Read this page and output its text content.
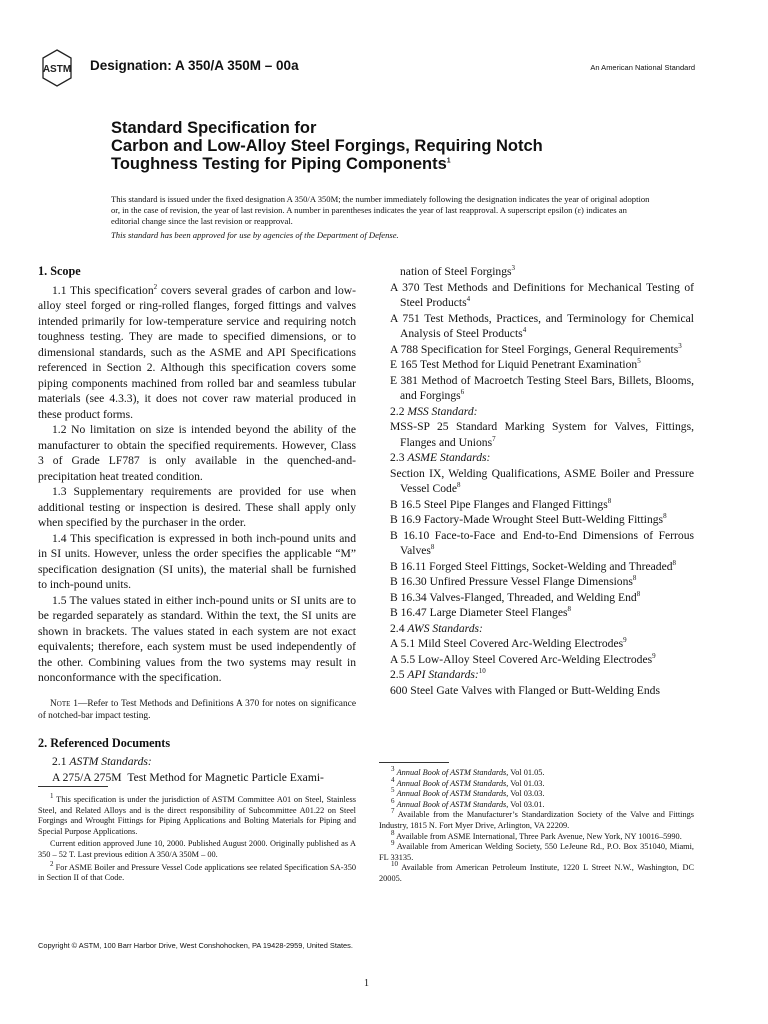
ASTM Designation: A 350/A 350M – 00a	An American National Standard
Standard Specification for
Carbon and Low-Alloy Steel Forgings, Requiring Notch
Toughness Testing for Piping Components$^1$

This standard is issued under the fixed designation A 350/A 350M; the number immediately following the designation indicates the year of original adoption or, in the case of revision, the year of last revision. A number in parentheses indicates the year of last reapproval. A superscript epsilon (ε) indicates an editorial change since the last revision or reapproval.

This standard has been approved for use by agencies of the Department of Defense.

1. Scope

1.1 This specification$^2$ covers several grades of carbon and low-alloy steel forged or ring-rolled flanges, forged fittings and valves intended primarily for low-temperature service and requiring notch toughness testing. They are made to specified dimensions, or to dimensional standards, such as the ASME and API Specifications referenced in Section 2. Although this specification covers some piping components machined from rolled bar and seamless tubular materials (see 4.3.3), it does not cover raw material produced in these product forms.

1.2 No limitation on size is intended beyond the ability of the manufacturer to obtain the specified requirements. However, Class 3 of Grade LF787 is only available in the quenched-and-precipitation heat treated condition.

1.3 Supplementary requirements are provided for use when additional testing or inspection is desired. These shall apply only when specified by the purchaser in the order.

1.4 This specification is expressed in both inch-pound units and in SI units. However, unless the order specifies the applicable “M” specification designation (SI units), the material shall be furnished to inch-pound units.

1.5 The values stated in either inch-pound units or SI units are to be regarded separately as standard. Within the text, the SI units are shown in brackets. The values stated in each system are not exact equivalents; therefore, each system must be used independently of the other. Combining values from the two systems may result in nonconformance with the specification.

Note 1—Refer to Test Methods and Definitions A 370 for notes on significance of notched-bar impact testing.

2. Referenced Documents

2.1 ASTM Standards:

A 275/A 275M  Test Method for Magnetic Particle Exami-

nation of Steel Forgings$^3$

A 370 Test Methods and Definitions for Mechanical Testing of Steel Products$^4$

A 751 Test Methods, Practices, and Terminology for Chemical Analysis of Steel Products$^4$

A 788 Specification for Steel Forgings, General Requirements$^3$

E 165 Test Method for Liquid Penetrant Examination$^5$

E 381 Method of Macroetch Testing Steel Bars, Billets, Blooms, and Forgings$^6$

2.2 MSS Standard:

MSS-SP 25 Standard Marking System for Valves, Fittings, Flanges and Unions$^7$

2.3 ASME Standards:

Section IX, Welding Qualifications, ASME Boiler and Pressure Vessel Code$^8$

B 16.5 Steel Pipe Flanges and Flanged Fittings$^8$

B 16.9 Factory-Made Wrought Steel Butt-Welding Fittings$^8$

B 16.10 Face-to-Face and End-to-End Dimensions of Ferrous Valves$^8$

B 16.11 Forged Steel Fittings, Socket-Welding and Threaded$^8$

B 16.30 Unfired Pressure Vessel Flange Dimensions$^8$

B 16.34 Valves-Flanged, Threaded, and Welding End$^8$

B 16.47 Large Diameter Steel Flanges$^8$

2.4 AWS Standards:

A 5.1 Mild Steel Covered Arc-Welding Electrodes$^9$

A 5.5 Low-Alloy Steel Covered Arc-Welding Electrodes$^9$

2.5 API Standards:$^{10}$

600 Steel Gate Valves with Flanged or Butt-Welding Ends

$^1$ This specification is under the jurisdiction of ASTM Committee A01 on Steel, Stainless Steel, and Related Alloys and is the direct responsibility of Subcommittee A01.22 on Steel Forgings and Wrought Fittings for Piping Applications and Bolting Materials for Piping and Special Purpose Applications.

Current edition approved June 10, 2000. Published August 2000. Originally published as A 350 – 52 T. Last previous edition A 350/A 350M – 00.

$^2$ For ASME Boiler and Pressure Vessel Code applications see related Specification SA-350 in Section II of that Code.

$^3$ Annual Book of ASTM Standards, Vol 01.05.

$^4$ Annual Book of ASTM Standards, Vol 01.03.

$^5$ Annual Book of ASTM Standards, Vol 03.03.

$^6$ Annual Book of ASTM Standards, Vol 03.01.

$^7$ Available from the Manufacturer’s Standardization Society of the Valve and Fittings Industry, 1815 N. Fort Myer Drive, Arlington, VA 22209.

$^8$ Available from ASME International, Three Park Avenue, New York, NY 10016–5990.

$^9$ Available from American Welding Society, 550 LeJeune Rd., P.O. Box 351040, Miami, FL 33135.

$^{10}$ Available from American Petroleum Institute, 1220 L Street N.W., Washington, DC 20005.

Copyright © ASTM, 100 Barr Harbor Drive, West Conshohocken, PA 19428-2959, United States.
1
